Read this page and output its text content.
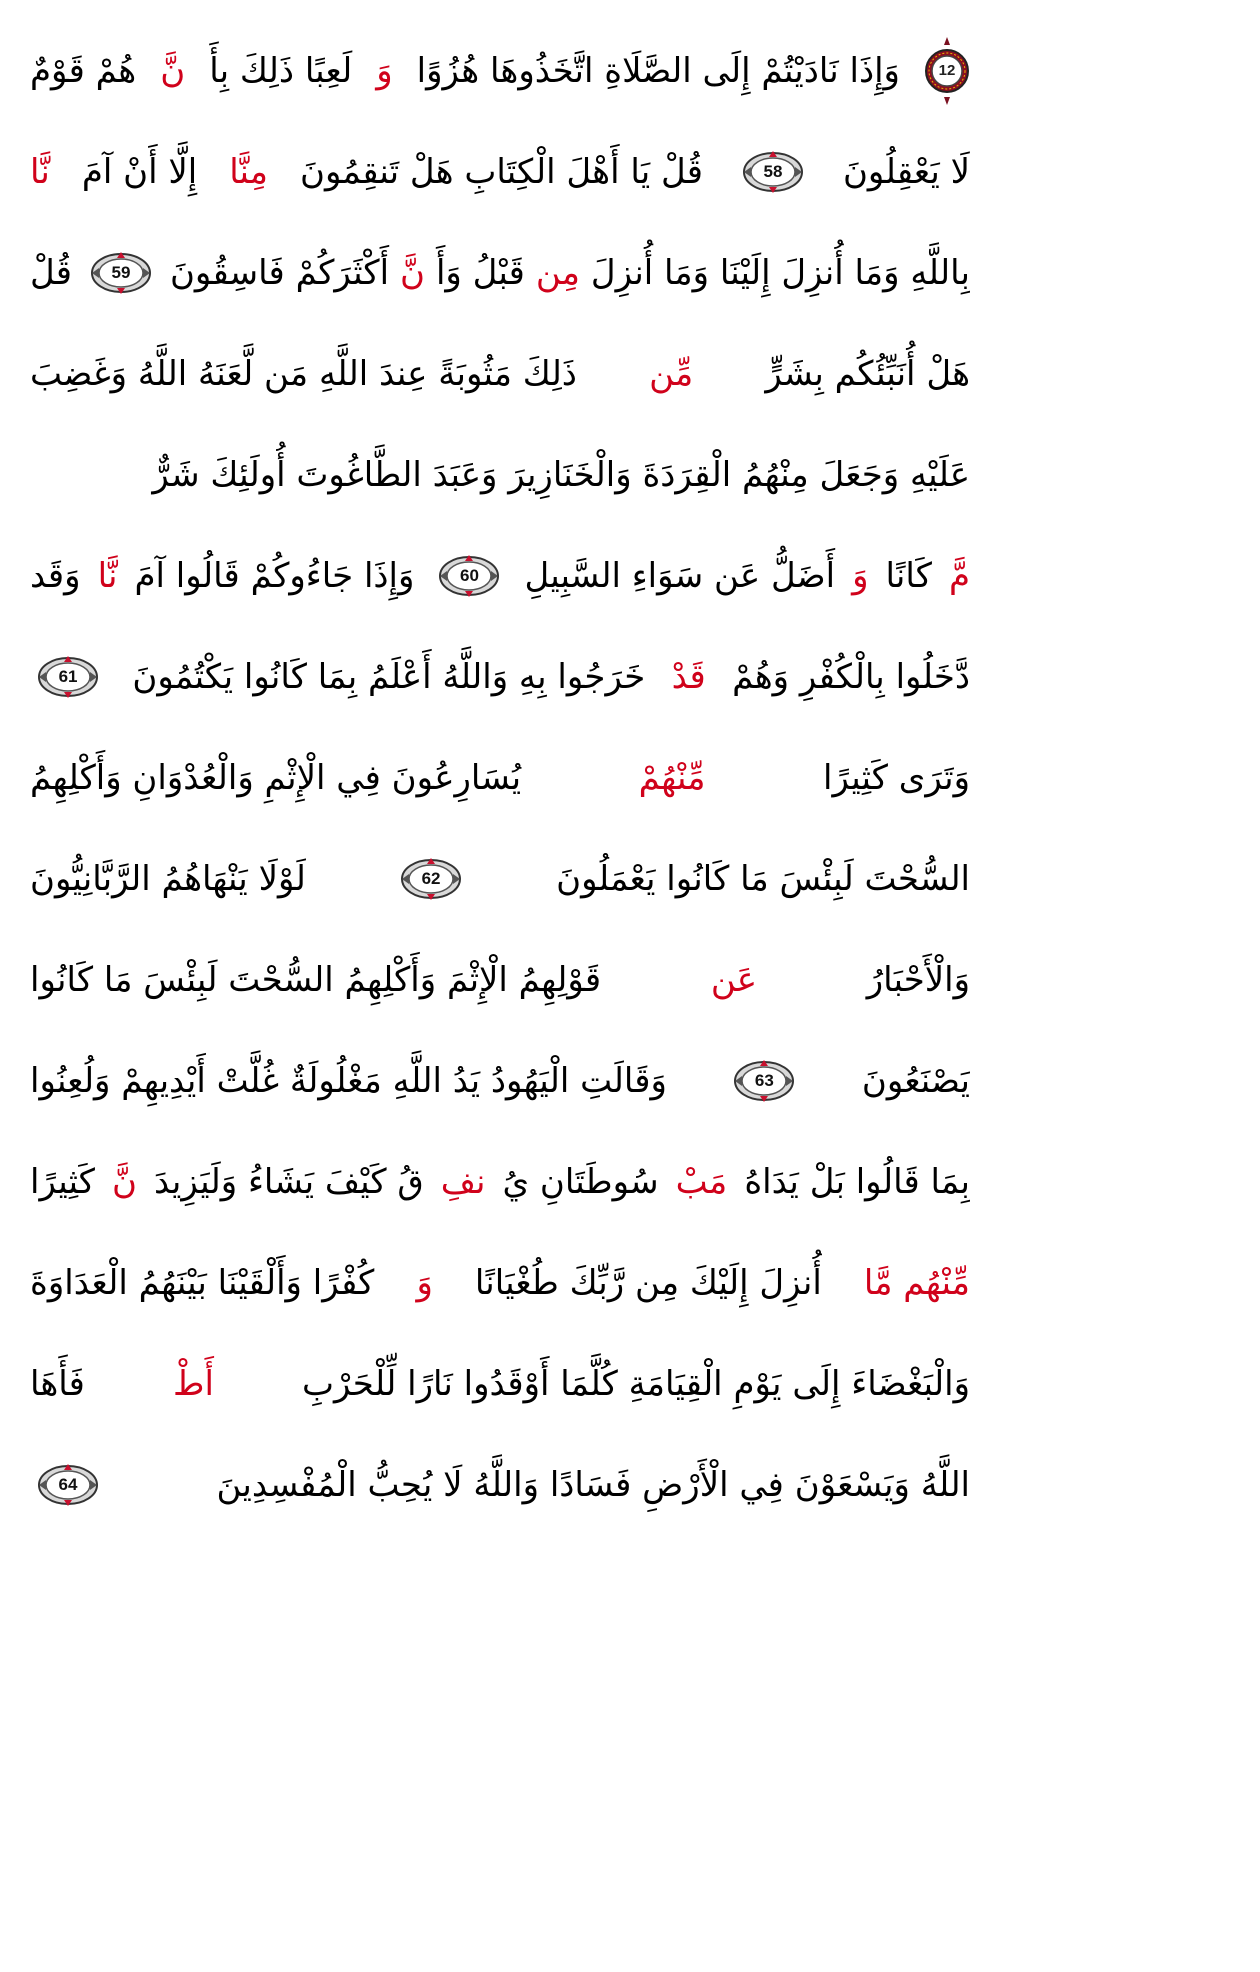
12
وَإِذَا نَادَيْتُمْ إِلَى الصَّلَاةِ اتَّخَذُوهَا هُزُوًا
وَ
لَعِبًا ذَلِكَ بِأَ
نَّ
هُمْ قَوْمٌ
لَا يَعْقِلُونَ
58
قُلْ يَا أَهْلَ الْكِتَابِ هَلْ تَنقِمُونَ
مِنَّا
إِلَّا أَنْ آمَ
نَّا
بِاللَّهِ وَمَا أُنزِلَ إِلَيْنَا وَمَا أُنزِلَ
مِن
قَبْلُ وَأَ
نَّ
أَكْثَرَكُمْ فَاسِقُونَ
59
قُلْ
هَلْ أُنَبِّئُكُم بِشَرٍّ
مِّن
ذَلِكَ مَثُوبَةً عِندَ اللَّهِ مَن لَّعَنَهُ اللَّهُ وَغَضِبَ
عَلَيْهِ وَجَعَلَ مِنْهُمُ الْقِرَدَةَ وَالْخَنَازِيرَ وَعَبَدَ الطَّاغُوتَ أُولَئِكَ شَرٌّ
مَّ
كَانًا
وَ
أَضَلُّ عَن سَوَاءِ السَّبِيلِ
60
وَإِذَا جَاءُوكُمْ قَالُوا آمَ
نَّا
وَقَد
دَّخَلُوا بِالْكُفْرِ وَهُمْ
قَدْ
خَرَجُوا بِهِ وَاللَّهُ أَعْلَمُ بِمَا كَانُوا يَكْتُمُونَ
61
وَتَرَى كَثِيرًا
مِّنْهُمْ
يُسَارِعُونَ فِي الْإِثْمِ وَالْعُدْوَانِ وَأَكْلِهِمُ
السُّحْتَ لَبِئْسَ مَا كَانُوا يَعْمَلُونَ
62
لَوْلَا يَنْهَاهُمُ الرَّبَّانِيُّونَ
وَالْأَحْبَارُ
عَن
قَوْلِهِمُ الْإِثْمَ وَأَكْلِهِمُ السُّحْتَ لَبِئْسَ مَا كَانُوا
يَصْنَعُونَ
63
وَقَالَتِ الْيَهُودُ يَدُ اللَّهِ مَغْلُولَةٌ غُلَّتْ أَيْدِيهِمْ وَلُعِنُوا
بِمَا قَالُوا بَلْ يَدَاهُ
مَبْ
سُوطَتَانِ يُ
نفِ
قُ كَيْفَ يَشَاءُ وَلَيَزِيدَ
نَّ
كَثِيرًا
مِّنْهُم مَّا
أُنزِلَ إِلَيْكَ مِن رَّبِّكَ طُغْيَانًا
وَ
كُفْرًا وَأَلْقَيْنَا بَيْنَهُمُ الْعَدَاوَةَ
وَالْبَغْضَاءَ إِلَى يَوْمِ الْقِيَامَةِ كُلَّمَا أَوْقَدُوا نَارًا لِّلْحَرْبِ
أَطْ
فَأَهَا
اللَّهُ وَيَسْعَوْنَ فِي الْأَرْضِ فَسَادًا وَاللَّهُ لَا يُحِبُّ الْمُفْسِدِينَ
64
